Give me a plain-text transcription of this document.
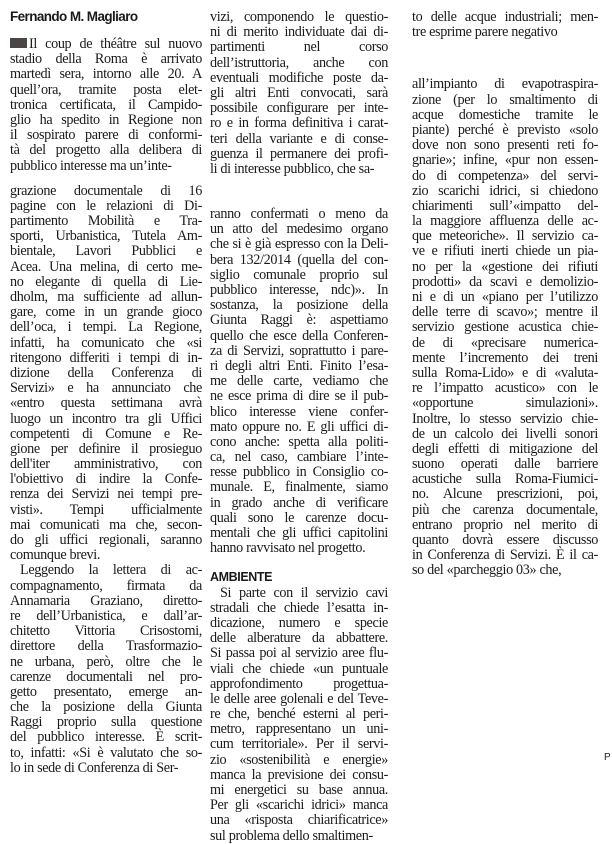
Fernando M. Magliaro
Il coup de théâtre sul nuovo
stadio della Roma è arrivato
martedì sera, intorno alle 20. A
quell’ora, tramite posta elet-
tronica certificata, il Campido-
glio ha spedito in Regione non
il sospirato parere di conformi-
tà del progetto alla delibera di
pubblico interesse ma un’inte-
grazione documentale di 16
pagine con le relazioni di Di-
partimento Mobilità e Tra-
sporti, Urbanistica, Tutela Am-
bientale, Lavori Pubblici e
Acea. Una melina, di certo me-
no elegante di quella di Lie-
dholm, ma sufficiente ad allun-
gare, come in un grande gioco
dell’oca, i tempi. La Regione,
infatti, ha comunicato che «si
ritengono differiti i tempi di in-
dizione della Conferenza di
Servizi» e ha annunciato che
«entro questa settimana avrà
luogo un incontro tra gli Uffici
competenti di Comune e Re-
gione per definire il prosieguo
dell'iter amministrativo, con
l'obiettivo di indire la Confe-
renza dei Servizi nei tempi pre-
visti». Tempi ufficialmente
mai comunicati ma che, secon-
do gli uffici regionali, saranno
comunque brevi.
Leggendo la lettera di ac-
compagnamento, firmata da
Annamaria Graziano, diretto-
re dell’Urbanistica, e dall’ar-
chitetto Vittoria Crisostomi,
direttore della Trasformazio-
ne urbana, però, oltre che le
carenze documentali nel pro-
getto presentato, emerge an-
che la posizione della Giunta
Raggi proprio sulla questione
del pubblico interesse. È scrit-
to, infatti: «Si è valutato che so-
lo in sede di Conferenza di Ser-
vizi, componendo le questio-
ni di merito individuate dai di-
partimenti nel corso
dell’istruttoria, anche con
eventuali modifiche poste da-
gli altri Enti convocati, sarà
possibile configurare per inte-
ro e in forma definitiva i carat-
teri della variante e di conse-
guenza il permanere dei profi-
li di interesse pubblico, che sa-
ranno confermati o meno da
un atto del medesimo organo
che si è già espresso con la Deli-
bera 132/2014 (quella del con-
siglio comunale proprio sul
pubblico interesse, ndc)». In
sostanza, la posizione della
Giunta Raggi è: aspettiamo
quello che esce della Conferen-
za di Servizi, soprattutto i pare-
ri degli altri Enti. Finito l’esa-
me delle carte, vediamo che
ne esce prima di dire se il pub-
blico interesse viene confer-
mato oppure no. E gli uffici di-
cono anche: spetta alla politi-
ca, nel caso, cambiare l’inte-
resse pubblico in Consiglio co-
munale. E, finalmente, siamo
in grado anche di verificare
quali sono le carenze docu-
mentali che gli uffici capitolini
hanno ravvisato nel progetto.
AMBIENTE
Si parte con il servizio cavi
stradali che chiede l’esatta in-
dicazione, numero e specie
delle alberature da abbattere.
Si passa poi al servizio aree flu-
viali che chiede «un puntuale
approfondimento progettua-
le delle aree golenali e del Teve-
re che, benché esterni al peri-
metro, rappresentano un uni-
cum territoriale». Per il servi-
zio «sostenibilità e energie»
manca la previsione dei consu-
mi energetici su base annua.
Per gli «scarichi idrici» manca
una «risposta chiarificatrice»
sul problema dello smaltimen-
to delle acque industriali; men-
tre esprime parere negativo
all’impianto di evapotraspira-
zione (per lo smaltimento di
acque domestiche tramite le
piante) perché è previsto «solo
dove non sono presenti reti fo-
gnarie»; infine, «pur non essen-
do di competenza» del servi-
zio scarichi idrici, si chiedono
chiarimenti sull’«impatto del-
la maggiore affluenza delle ac-
que meteoriche». Il servizio ca-
ve e rifiuti inerti chiede un pia-
no per la «gestione dei rifiuti
prodotti» da scavi e demolizio-
ni e di un «piano per l’utilizzo
delle terre di scavo»; mentre il
servizio gestione acustica chie-
de di «precisare numerica-
mente l’incremento dei treni
sulla Roma-Lido» e di «valuta-
re l’impatto acustico» con le
«opportune simulazioni».
Inoltre, lo stesso servizio chie-
de un calcolo dei livelli sonori
degli effetti di mitigazione del
suono operati dalle barriere
acustiche sulla Roma-Fiumici-
no. Alcune prescrizioni, poi,
più che carenza documentale,
entrano proprio nel merito di
quanto dovrà essere discusso
in Conferenza di Servizi. È il ca-
so del «parcheggio 03» che,
P
